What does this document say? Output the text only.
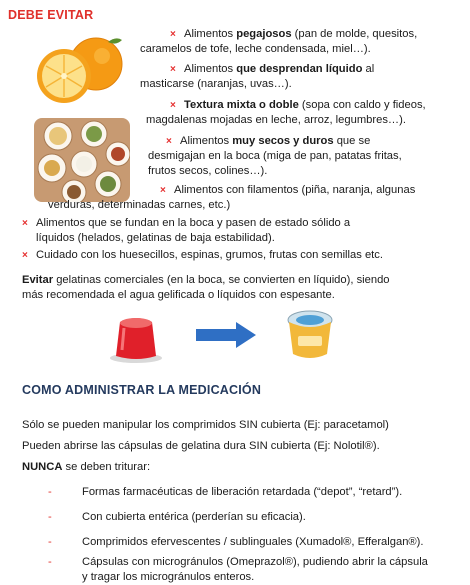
DEBE EVITAR
× Alimentos pegajosos (pan de molde, quesitos,
caramelos de tofe, leche condensada, miel…).
× Alimentos que desprendan líquido al
masticarse (naranjas, uvas…).
× Textura mixta o doble (sopa con caldo y fideos,
magdalenas mojadas en leche, arroz, legumbres…).
× Alimentos muy secos y duros que se
desmigajan en la boca (miga de pan, patatas fritas,
frutos secos, colines…).
× Alimentos con filamentos (piña, naranja, algunas
verduras, determinadas carnes, etc.)
× Alimentos que se fundan en la boca y pasen de estado sólido a
líquidos (helados, gelatinas de baja estabilidad).
× Cuidado con los huesecillos, espinas, grumos, frutas con semillas etc.
Evitar gelatinas comerciales (en la boca, se convierten en líquido), siendo
más recomendada el agua gelificada o líquidos con espesante.
COMO ADMINISTRAR LA MEDICACIÓN
Sólo se pueden manipular los comprimidos SIN cubierta (Ej: paracetamol)
Pueden abrirse las cápsulas de gelatina dura SIN cubierta (Ej: Nolotil®).
NUNCA se deben triturar:
-	Formas farmacéuticas de liberación retardada (“depot”, “retard”).
-	Con cubierta entérica (perderían su eficacia).
-	Comprimidos efervescentes / sublinguales (Xumadol®, Efferalgan®).
-	Cápsulas con microgránulos (Omeprazol®), pudiendo abrir la cápsula
y tragar los microgránulos enteros.
